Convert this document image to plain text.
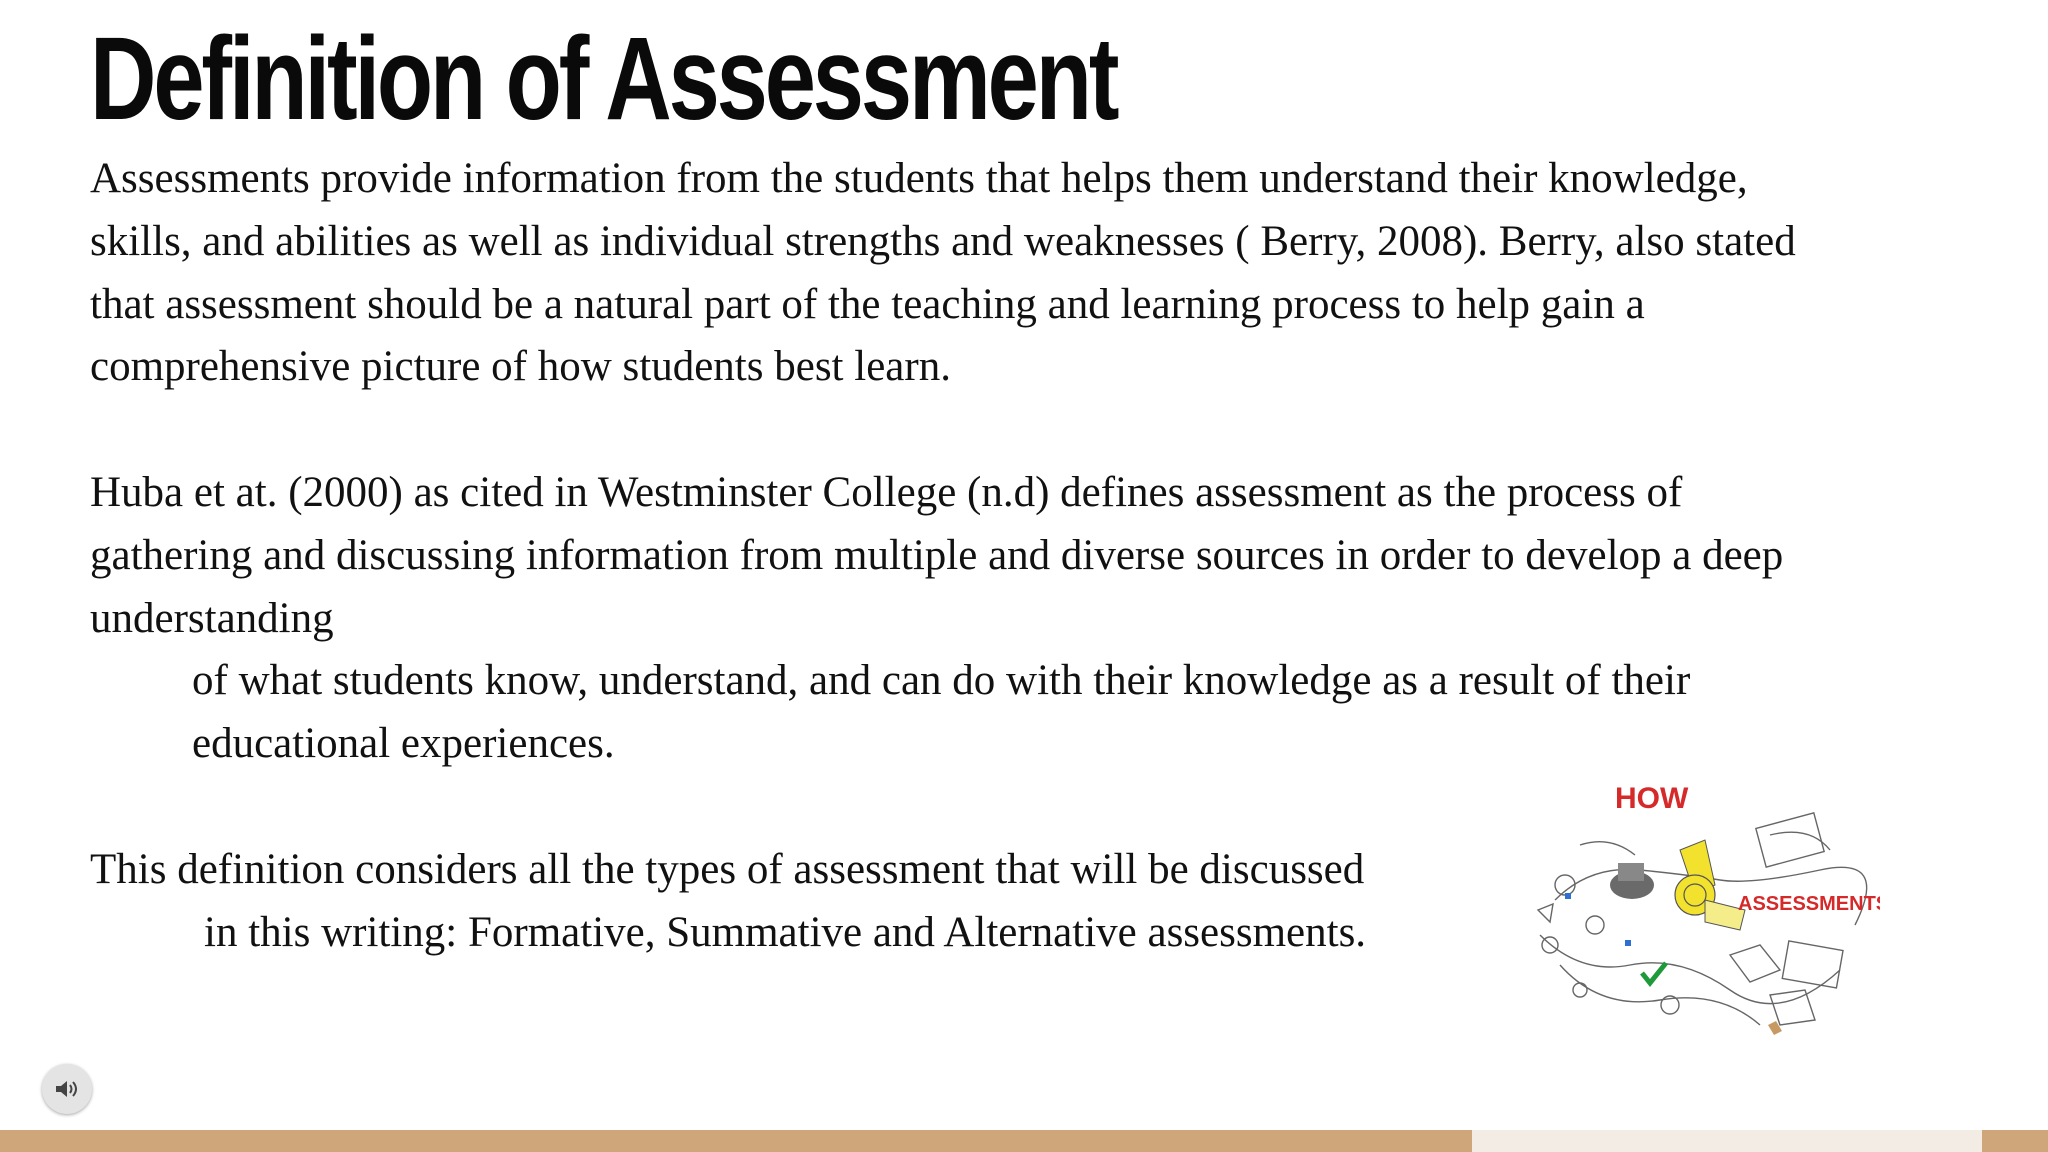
Definition of Assessment

Assessments provide information from the students that helps them understand their knowledge,

skills, and abilities as well as individual strengths and weaknesses ( Berry, 2008). Berry, also stated

that assessment should be a natural part of the teaching and learning process to help gain a

comprehensive picture of how students best learn.

Huba et at. (2000) as cited in Westminster College (n.d) defines assessment as the process of

gathering and discussing information from multiple and diverse sources in order to develop a deep

understanding

of what students know, understand, and can do with their knowledge as a result of their

educational experiences.

This definition considers all the types of assessment that will be discussed

in this writing: Formative, Summative and Alternative assessments.

HOW
ASSESSMENTS
